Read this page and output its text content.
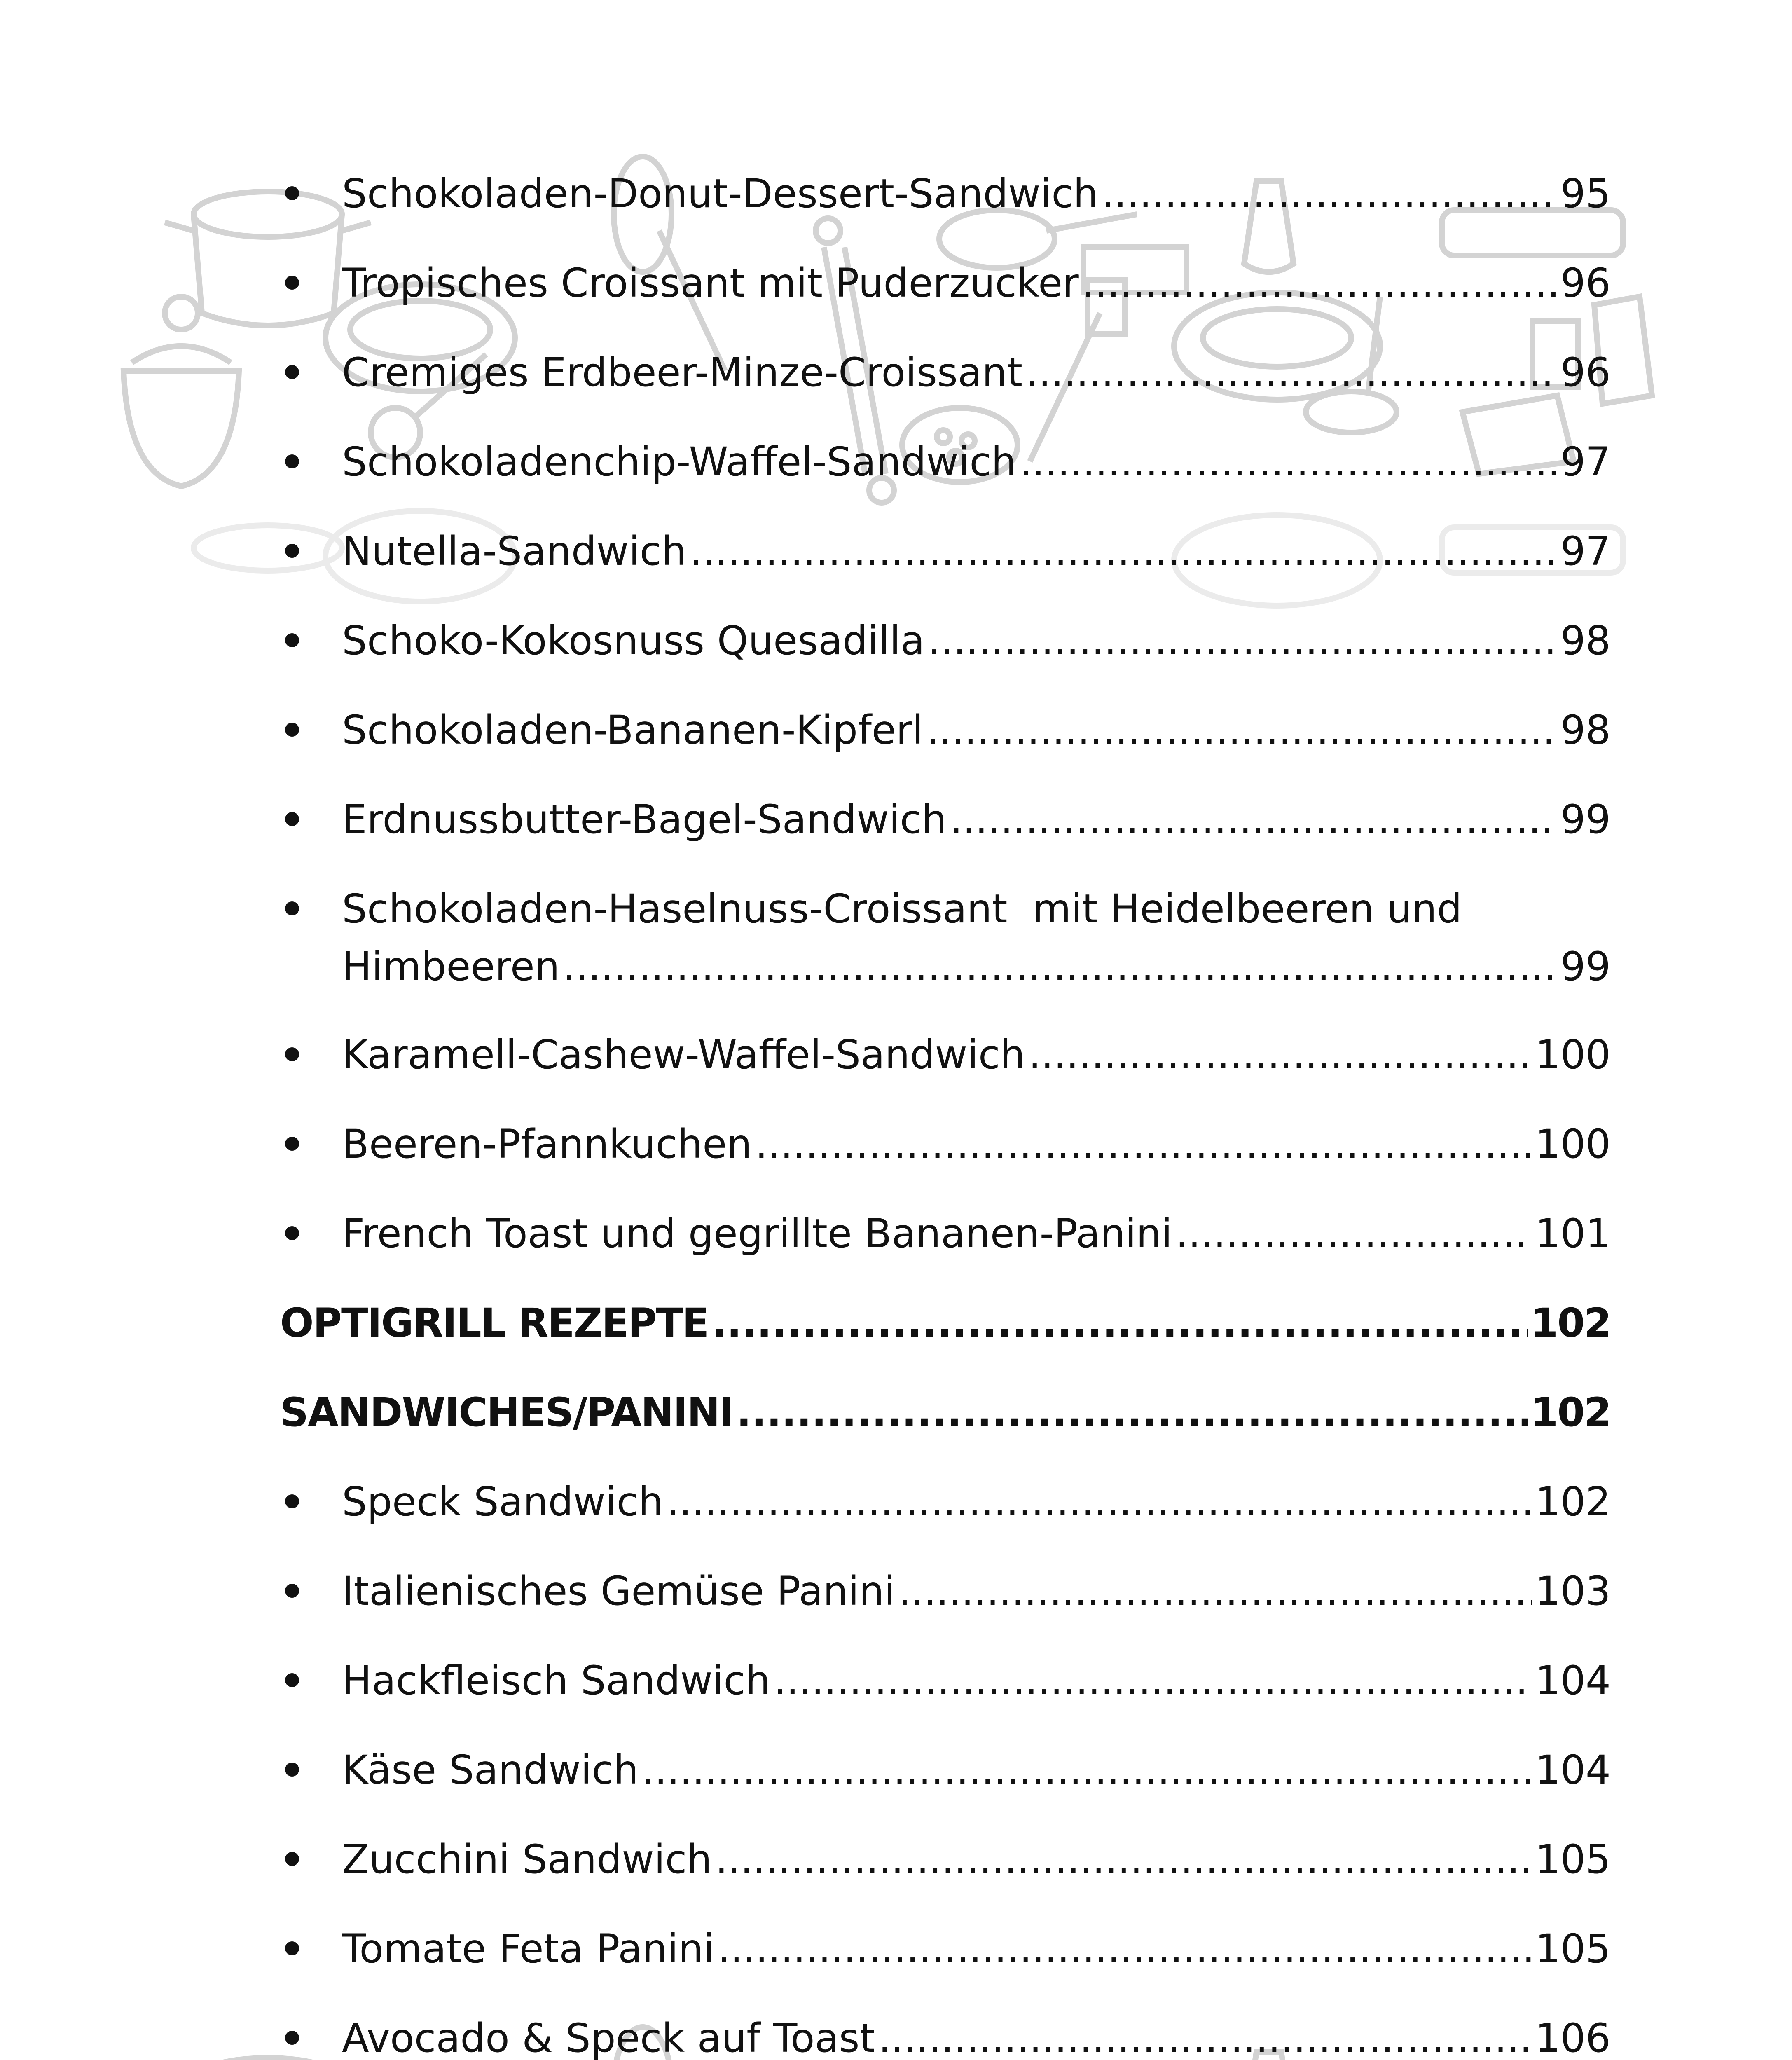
Schokoladen-Donut-Dessert-Sandwich .....	95
Tropisches Croissant mit Puderzucker .....	96
Cremiges Erdbeer-Minze-Croissant .....	96
Schokoladenchip-Waffel-Sandwich .....	97
Nutella-Sandwich .....	97
Schoko-Kokosnuss Quesadilla .....	98
Schokoladen-Bananen-Kipferl .....	98
Erdnussbutter-Bagel-Sandwich .....	99
Schokoladen-Haselnuss-Croissant  mit Heidelbeeren und
Himbeeren .....	99
Karamell-Cashew-Waffel-Sandwich .....	100
Beeren-Pfannkuchen .....	100
French Toast und gegrillte Bananen-Panini .....	101
OPTIGRILL REZEPTE .....	102
SANDWICHES/PANINI .....	102
Speck Sandwich .....	102
Italienisches Gemüse Panini .....	103
Hackfleisch Sandwich .....	104
Käse Sandwich .....	104
Zucchini Sandwich .....	105
Tomate Feta Panini .....	105
Avocado & Speck auf Toast .....	106
